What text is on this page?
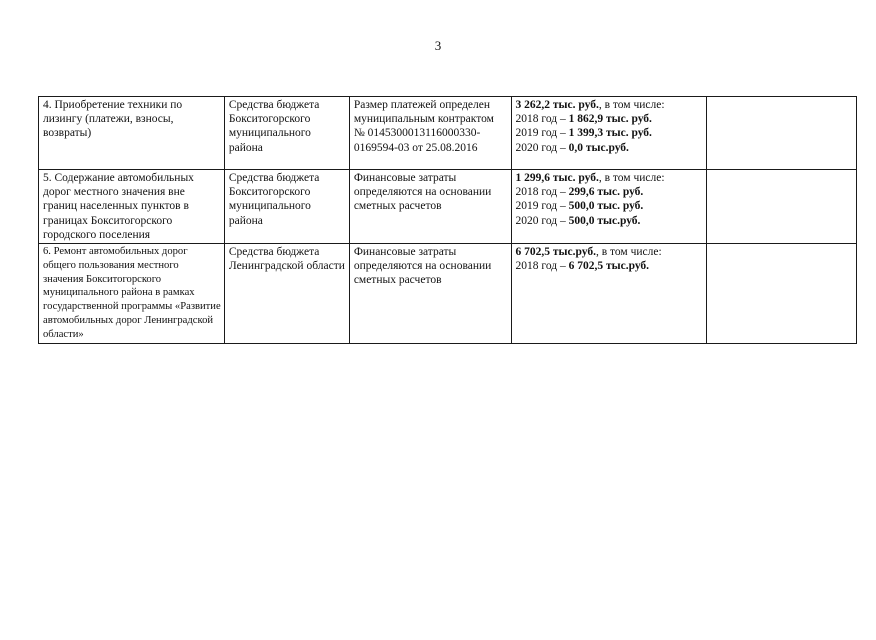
3
4. Приобретение техники по лизингу (платежи, взносы, возвраты)	Средства бюджета Бокситогорского муниципального района	Размер платежей определен муниципальным контрактом № 0145300013116000330-0169594-03 от 25.08.2016	3 262,2 тыс. руб., в том числе:
2018 год – 1 862,9 тыс. руб.
2019 год – 1 399,3 тыс. руб.
2020 год – 0,0 тыс.руб.	

5. Содержание автомобильных дорог местного значения вне границ населенных пунктов в границах Бокситогорского городского поселения	Средства бюджета Бокситогорского муниципального района	Финансовые затраты определяются на основании сметных расчетов	1 299,6 тыс. руб., в том числе:
2018 год – 299,6 тыс. руб.
2019 год – 500,0 тыс. руб.
2020 год – 500,0 тыс.руб.	

6. Ремонт автомобильных дорог общего пользования местного значения Бокситогорского муниципального района в рамках государственной программы «Развитие автомобильных дорог Ленинградской области»	Средства бюджета Ленинградской области	Финансовые затраты определяются на основании сметных расчетов	6 702,5 тыс.руб., в том числе:
2018 год – 6 702,5 тыс.руб.	
